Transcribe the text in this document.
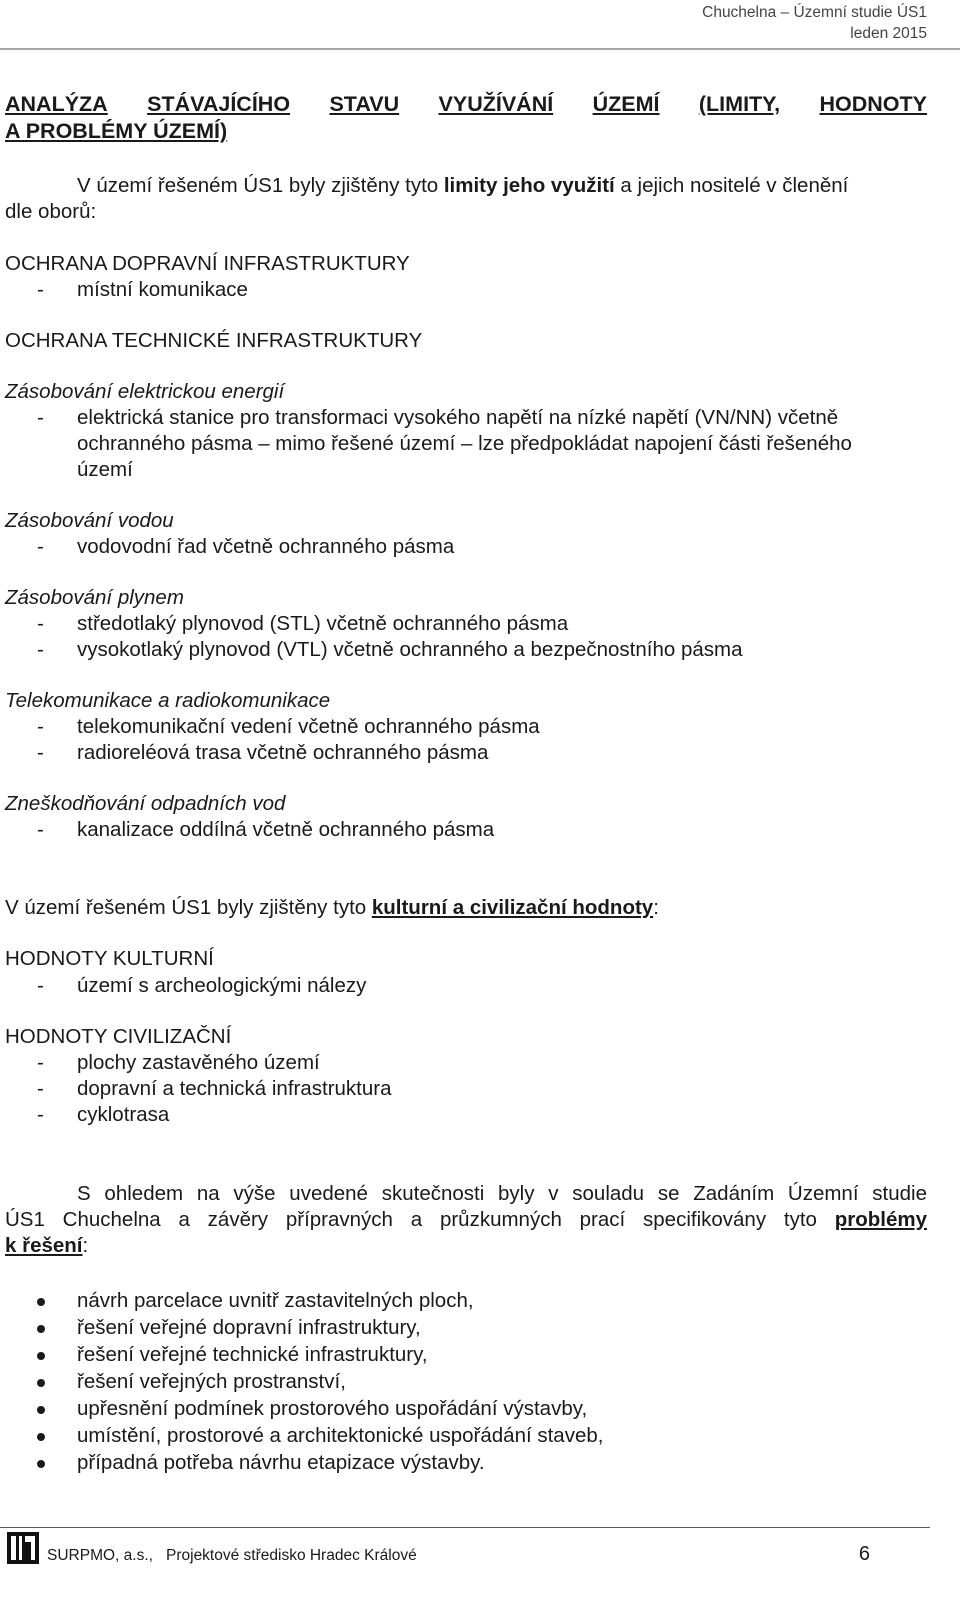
Chuchelna – Územní studie ÚS1
leden 2015
ANALÝZA STÁVAJÍCÍHO STAVU VYUŽÍVÁNÍ ÚZEMÍ (LIMITY, HODNOTY
A PROBLÉMY ÚZEMÍ)
V území řešeném ÚS1 byly zjištěny tyto limity jeho využití a jejich nositelé v členění
dle oborů:
OCHRANA DOPRAVNÍ INFRASTRUKTURY
- místní komunikace
OCHRANA TECHNICKÉ INFRASTRUKTURY
Zásobování elektrickou energií
- elektrická stanice pro transformaci vysokého napětí na nízké napětí (VN/NN) včetně
ochranného pásma – mimo řešené území – lze předpokládat napojení části řešeného
území
Zásobování vodou
- vodovodní řad včetně ochranného pásma
Zásobování plynem
- středotlaký plynovod (STL) včetně ochranného pásma
- vysokotlaký plynovod (VTL) včetně ochranného a bezpečnostního pásma
Telekomunikace a radiokomunikace
- telekomunikační vedení včetně ochranného pásma
- radioreléová trasa včetně ochranného pásma
Zneškodňování odpadních vod
- kanalizace oddílná včetně ochranného pásma
V území řešeném ÚS1 byly zjištěny tyto kulturní a civilizační hodnoty:
HODNOTY KULTURNÍ
- území s archeologickými nálezy
HODNOTY CIVILIZAČNÍ
- plochy zastavěného území
- dopravní a technická infrastruktura
- cyklotrasa
S ohledem na výše uvedené skutečnosti byly v souladu se Zadáním Územní studie
ÚS1 Chuchelna a závěry přípravných a průzkumných prací specifikovány tyto problémy
k řešení:
návrh parcelace uvnitř zastavitelných ploch,
řešení veřejné dopravní infrastruktury,
řešení veřejné technické infrastruktury,
řešení veřejných prostranství,
upřesnění podmínek prostorového uspořádání výstavby,
umístění, prostorové a architektonické uspořádání staveb,
případná potřeba návrhu etapizace výstavby.
SURPMO, a.s., Projektové středisko Hradec Králové	6
